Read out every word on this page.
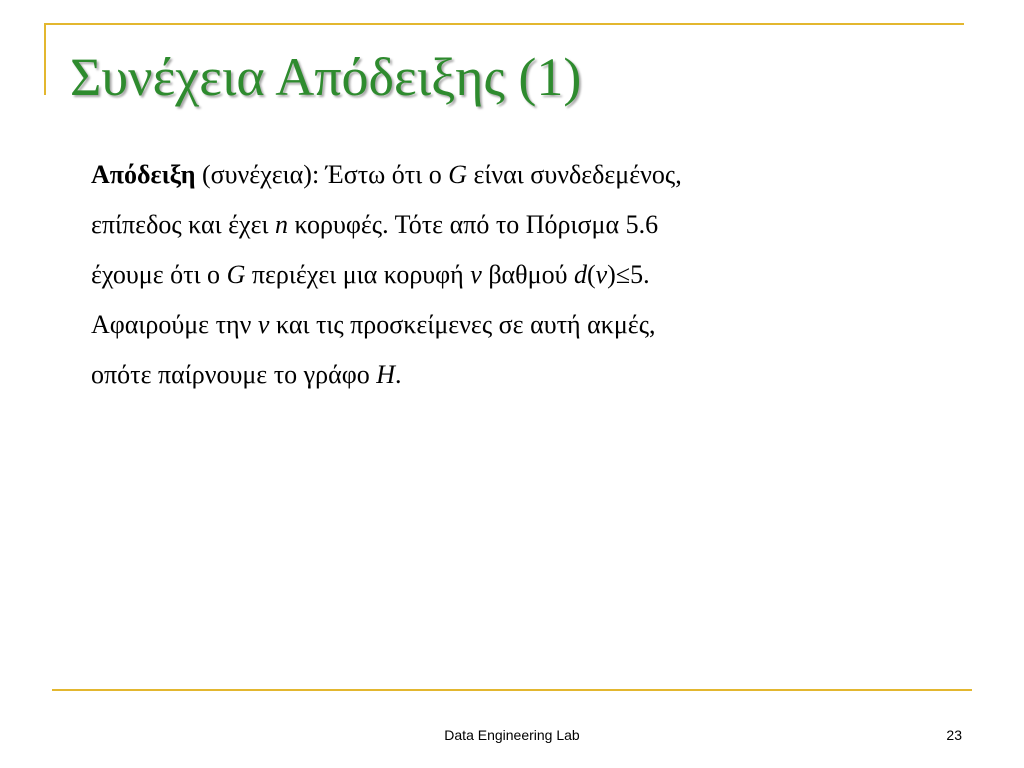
Συνέχεια Απόδειξης (1)
Απόδειξη (συνέχεια): Έστω ότι ο G είναι συνδεδεμένος,
επίπεδος και έχει n κορυφές. Τότε από το Πόρισμα 5.6
έχουμε ότι ο G περιέχει μια κορυφή v βαθμού d(v)≤5.
Αφαιρούμε την v και τις προσκείμενες σε αυτή ακμές,
οπότε παίρνουμε το γράφο H.
Data Engineering Lab	23
